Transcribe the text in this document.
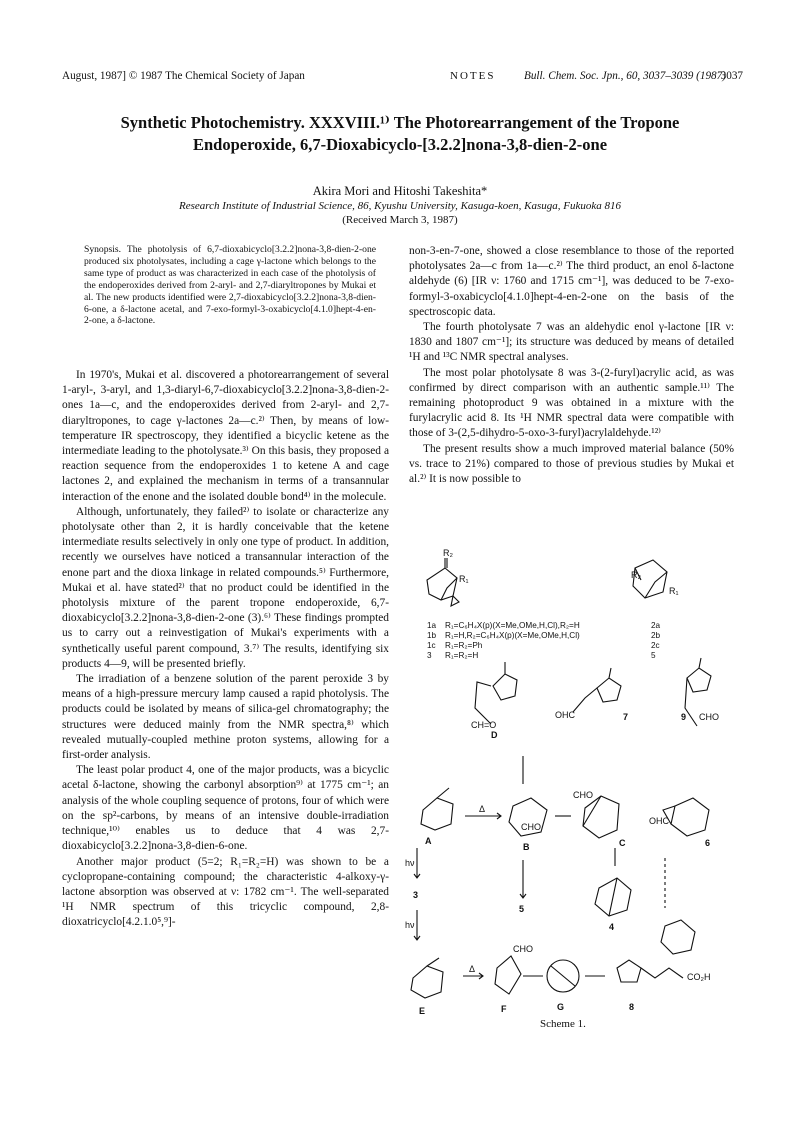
August, 1987] © 1987 The Chemical Society of Japan	NOTES	Bull. Chem. Soc. Jpn., 60, 3037–3039 (1987)
3037
Synthetic Photochemistry. XXXVIII.¹⁾ The Photorearrangement of the Tropone Endoperoxide, 6,7-Dioxabicyclo-[3.2.2]nona-3,8-dien-2-one
Akira Mori and Hitoshi Takeshita*
Research Institute of Industrial Science, 86, Kyushu University, Kasuga-koen, Kasuga, Fukuoka 816
(Received March 3, 1987)
Synopsis. The photolysis of 6,7-dioxabicyclo[3.2.2]nona-3,8-dien-2-one produced six photolysates, including a cage γ-lactone which belongs to the same type of product as was characterized in each case of the photolysis of the endoperoxides derived from 2-aryl- and 2,7-diaryltropones by Mukai et al. The new products identified were 2,7-dioxabicyclo[3.2.2]nona-3,8-dien-6-one, a δ-lactone acetal, and 7-exo-formyl-3-oxabicyclo[4.1.0]hept-4-en-2-one, a δ-lactone.

In 1970's, Mukai et al. discovered a photorearrangement of several 1-aryl-, 3-aryl, and 1,3-diaryl-6,7-dioxabicyclo[3.2.2]nona-3,8-dien-2-ones 1a—c, and the endoperoxides derived from 2-aryl- and 2,7-diaryltropones, to cage γ-lactones 2a—c.²⁾ Then, by means of low-temperature IR spectroscopy, they identified a bicyclic ketene as the intermediate leading to the photolysate.³⁾ On this basis, they proposed a reaction sequence from the endoperoxides 1 to ketene A and cage lactones 2, and explained the mechanism in terms of a transannular interaction of the enone and the isolated double bond⁴⁾ in the molecule.

Although, unfortunately, they failed²⁾ to isolate or characterize any photolysate other than 2, it is hardly conceivable that the ketene intermediate results selectively in only one type of product. In addition, recently we ourselves have noticed a transannular interaction of the enone part and the dioxa linkage in related compounds.⁵⁾ Furthermore, Mukai et al. have stated²⁾ that no product could be identified in the photolysis mixture of the parent tropone endoperoxide, 6,7-dioxabicyclo[3.2.2]nona-3,8-dien-2-one (3).⁶⁾ These findings prompted us to carry out a reinvestigation of Mukai's experiments with a synthetically useful parent compound, 3.⁷⁾ The results, identifying six products 4—9, will be presented briefly.

The irradiation of a benzene solution of the parent peroxide 3 by means of a high-pressure mercury lamp caused a rapid photolysis. The products could be isolated by means of silica-gel chromatography; the structures were deduced mainly from the NMR spectra,⁸⁾ which revealed mutually-coupled methine proton systems, allowing for a first-order analysis.

The least polar product 4, one of the major products, was a bicyclic acetal δ-lactone, showing the carbonyl absorption⁹⁾ at 1775 cm⁻¹; an analysis of the whole coupling sequence of protons, four of which were on the sp²-carbons, by means of an intensive double-irradiation technique,¹⁰⁾ enables us to deduce that 4 was 2,7-dioxabicyclo[3.2.2]nona-3,8-dien-6-one.

Another major product (5=2; R₁=R₂=H) was shown to be a cyclopropane-containing compound; the characteristic 4-alkoxy-γ-lactone absorption was observed at ν: 1782 cm⁻¹. The well-separated ¹H NMR spectrum of this tricyclic compound, 2,8-dioxatricyclo[4.2.1.0⁵,⁹]-

non-3-en-7-one, showed a close resemblance to those of the reported photolysates 2a—c from 1a—c.²⁾ The third product, an enol δ-lactone aldehyde (6) [IR ν: 1760 and 1715 cm⁻¹], was deduced to be 7-exo-formyl-3-oxabicyclo[4.1.0]hept-4-en-2-one on the basis of the spectroscopic data.

The fourth photolysate 7 was an aldehydic enol γ-lactone [IR ν: 1830 and 1807 cm⁻¹]; its structure was deduced by means of detailed ¹H and ¹³C NMR spectral analyses.

The most polar photolysate 8 was 3-(2-furyl)acrylic acid, as was confirmed by direct comparison with an authentic sample.¹¹⁾ The remaining photoproduct 9 was obtained in a mixture with the furylacrylic acid 8. Its ¹H NMR spectral data were compatible with those of 3-(2,5-dihydro-5-oxo-3-furyl)acrylaldehyde.¹²⁾

The present results show a much improved material balance (50% vs. trace to 21%) compared to those of previous studies by Mukai et al.²⁾ It is now possible to

R₂
R₁	R₂
R₁
1a R₁=C₆H₄X(p)(X=Me,OMe,H,Cl),R₂=H	2a
1b R₁=H,R₂=C₆H₄X(p)(X=Me,OMe,H,Cl)	2b
1c R₁=R₂=Ph	2c
3 R₁=R₂=H	5
D
7	9
A
B	C	6
3
5
4
E	F	G	8
hν
hν
Δ
Δ
CH=O
OHC	CHO
CHO
CHO
OHC
CHO
CO₂H
Scheme 1.
